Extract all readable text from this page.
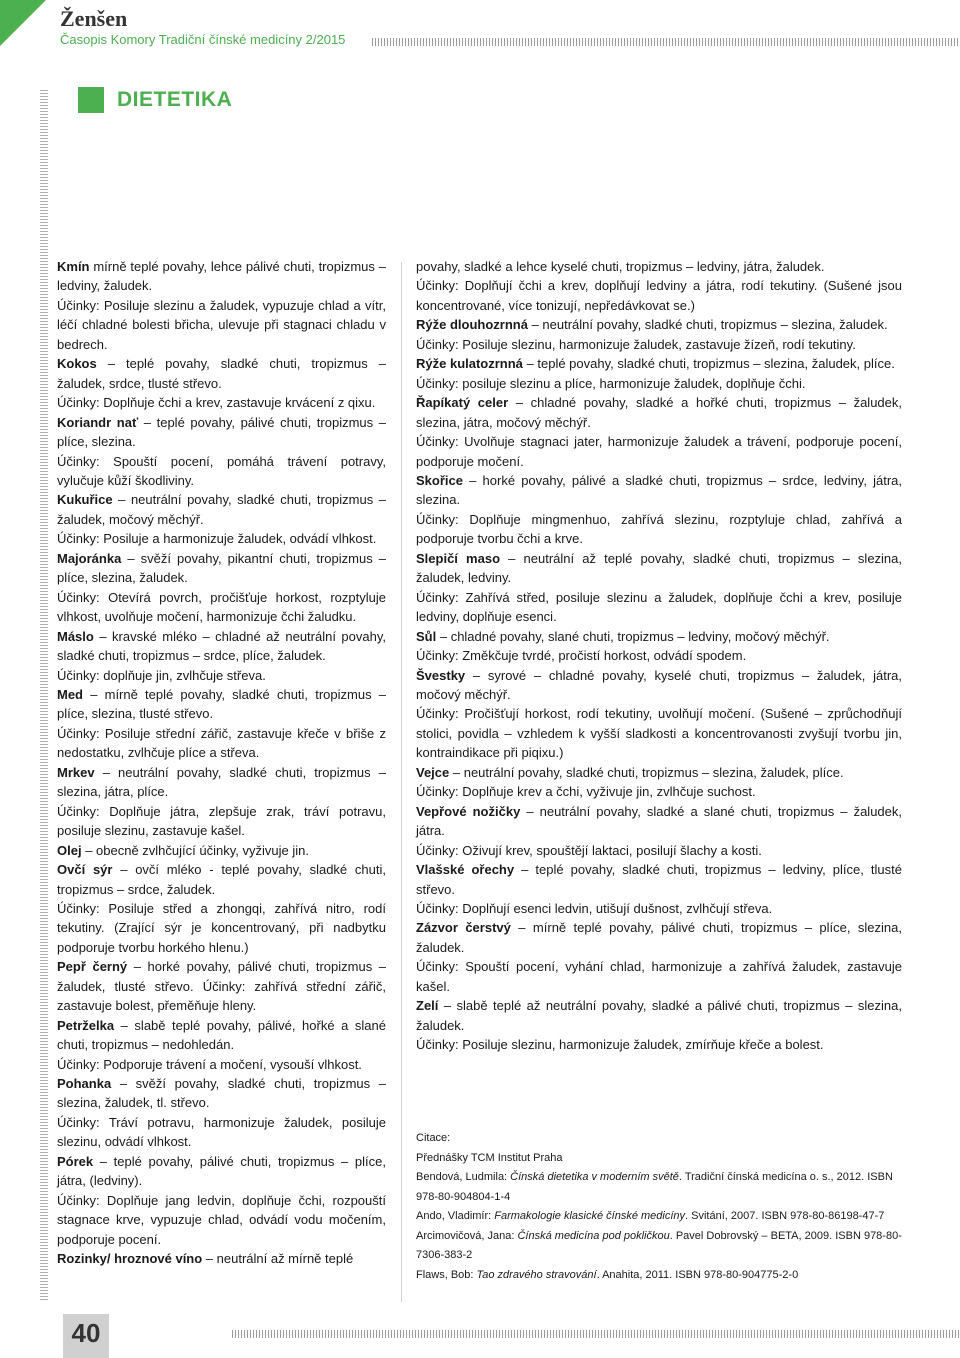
Ženšen
Časopis Komory Tradiční čínské medicíny 2/2015
DIETETIKA

Kmín mírně teplé povahy, lehce pálivé chuti, tropizmus – ledviny, žaludek.

Účinky: Posiluje slezinu a žaludek, vypuzuje chlad a vítr, léčí chladné bolesti břicha, ulevuje při stagnaci chladu v bedrech.

Kokos – teplé povahy, sladké chuti, tropizmus – žaludek, srdce, tlusté střevo.

Účinky: Doplňuje čchi a krev, zastavuje krvácení z qixu.

Koriandr nať – teplé povahy, pálivé chuti, tropizmus – plíce, slezina.

Účinky: Spouští pocení, pomáhá trávení potravy, vylučuje kůží škodliviny.

Kukuřice – neutrální povahy, sladké chuti, tropizmus – žaludek, močový měchýř.

Účinky: Posiluje a harmonizuje žaludek, odvádí vlhkost.

Majoránka – svěží povahy, pikantní chuti, tropizmus – plíce, slezina, žaludek.

Účinky: Otevírá povrch, pročišťuje horkost, rozptyluje vlhkost, uvolňuje močení, harmonizuje čchi žaludku.

Máslo – kravské mléko – chladné až neutrální povahy, sladké chuti, tropizmus – srdce, plíce, žaludek.

Účinky: doplňuje jin, zvlhčuje střeva.

Med – mírně teplé povahy, sladké chuti, tropizmus – plíce, slezina, tlusté střevo.

Účinky: Posiluje střední zářič, zastavuje křeče v břiše z nedostatku, zvlhčuje plíce a střeva.

Mrkev – neutrální povahy, sladké chuti, tropizmus – slezina, játra, plíce.

Účinky: Doplňuje játra, zlepšuje zrak, tráví potravu, posiluje slezinu, zastavuje kašel.

Olej – obecně zvlhčující účinky, vyživuje jin.

Ovčí sýr – ovčí mléko - teplé povahy, sladké chuti, tropizmus – srdce, žaludek.

Účinky: Posiluje střed a zhongqi, zahřívá nitro, rodí tekutiny. (Zrající sýr je koncentrovaný, při nadbytku podporuje tvorbu horkého hlenu.)

Pepř černý – horké povahy, pálivé chuti, tropizmus – žaludek, tlusté střevo. Účinky: zahřívá střední zářič, zastavuje bolest, přeměňuje hleny.

Petrželka – slabě teplé povahy, pálivé, hořké a slané chuti, tropizmus – nedohledán.

Účinky: Podporuje trávení a močení, vysouší vlhkost.

Pohanka – svěží povahy, sladké chuti, tropizmus – slezina, žaludek, tl. střevo.

Účinky: Tráví potravu, harmonizuje žaludek, posiluje slezinu, odvádí vlhkost.

Pórek – teplé povahy, pálivé chuti, tropizmus – plíce, játra, (ledviny).

Účinky: Doplňuje jang ledvin, doplňuje čchi, rozpouští stagnace krve, vypuzuje chlad, odvádí vodu močením, podporuje pocení.

Rozinky/ hroznové víno – neutrální až mírně teplé

povahy, sladké a lehce kyselé chuti, tropizmus – ledviny, játra, žaludek.

Účinky: Doplňují čchi a krev, doplňují ledviny a játra, rodí tekutiny. (Sušené jsou koncentrované, více tonizují, nepředávkovat se.)

Rýže dlouhozrnná – neutrální povahy, sladké chuti, tropizmus – slezina, žaludek.

Účinky: Posiluje slezinu, harmonizuje žaludek, zastavuje žízeň, rodí tekutiny.

Rýže kulatozrnná – teplé povahy, sladké chuti, tropizmus – slezina, žaludek, plíce.

Účinky: posiluje slezinu a plíce, harmonizuje žaludek, doplňuje čchi.

Řapíkatý celer – chladné povahy, sladké a hořké chuti, tropizmus – žaludek, slezina, játra, močový měchýř.

Účinky: Uvolňuje stagnaci jater, harmonizuje žaludek a trávení, podporuje pocení, podporuje močení.

Skořice – horké povahy, pálivé a sladké chuti, tropizmus – srdce, ledviny, játra, slezina.

Účinky: Doplňuje mingmenhuo, zahřívá slezinu, rozptyluje chlad, zahřívá a podporuje tvorbu čchi a krve.

Slepičí maso – neutrální až teplé povahy, sladké chuti, tropizmus – slezina, žaludek, ledviny.

Účinky: Zahřívá střed, posiluje slezinu a žaludek, doplňuje čchi a krev, posiluje ledviny, doplňuje esenci.

Sůl – chladné povahy, slané chuti, tropizmus – ledviny, močový měchýř.

Účinky: Změkčuje tvrdé, pročistí horkost, odvádí spodem.

Švestky – syrové – chladné povahy, kyselé chuti, tropizmus – žaludek, játra, močový měchýř.

Účinky: Pročišťují horkost, rodí tekutiny, uvolňují močení. (Sušené – zprůchodňují stolici, povidla – vzhledem k vyšší sladkosti a koncentrovanosti zvyšují tvorbu jin, kontraindikace při piqixu.)

Vejce – neutrální povahy, sladké chuti, tropizmus – slezina, žaludek, plíce.

Účinky: Doplňuje krev a čchi, vyživuje jin, zvlhčuje suchost.

Vepřové nožičky – neutrální povahy, sladké a slané chuti, tropizmus – žaludek, játra.

Účinky: Oživují krev, spouštějí laktaci, posilují šlachy a kosti.

Vlašské ořechy – teplé povahy, sladké chuti, tropizmus – ledviny, plíce, tlusté střevo.

Účinky: Doplňují esenci ledvin, utišují dušnost, zvlhčují střeva.

Zázvor čerstvý – mírně teplé povahy, pálivé chuti, tropizmus – plíce, slezina, žaludek.

Účinky: Spouští pocení, vyhání chlad, harmonizuje a zahřívá žaludek, zastavuje kašel.

Zelí – slabě teplé až neutrální povahy, sladké a pálivé chuti, tropizmus – slezina, žaludek.

Účinky: Posiluje slezinu, harmonizuje žaludek, zmírňuje křeče a bolest.

Citace:

Přednášky TCM Institut Praha

Bendová, Ludmila: Čínská dietetika v moderním světě. Tradiční čínská medicína o. s., 2012. ISBN 978-80-904804-1-4

Ando, Vladimír: Farmakologie klasické čínské medicíny. Svitání, 2007. ISBN 978-80-86198-47-7

Arcimovičová, Jana: Čínská medicína pod pokličkou. Pavel Dobrovský – BETA, 2009. ISBN 978-80-7306-383-2

Flaws, Bob: Tao zdravého stravování. Anahita, 2011. ISBN 978-80-904775-2-0

40
